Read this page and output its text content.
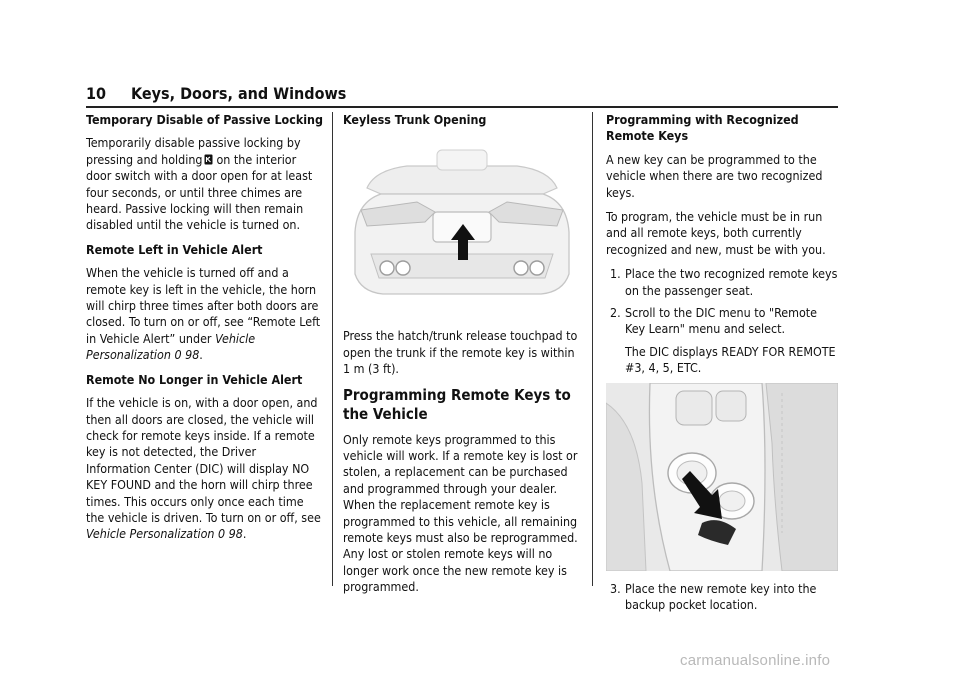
10 Keys, Doors, and Windows
Temporary Disable of Passive Locking

Temporarily disable passive locking by pressing and holding on the interior door switch with a door open for at least four seconds, or until three chimes are heard. Passive locking will then remain disabled until the vehicle is turned on.

Remote Left in Vehicle Alert

When the vehicle is turned off and a remote key is left in the vehicle, the horn will chirp three times after both doors are closed. To turn on or off, see “Remote Left in Vehicle Alert” under Vehicle Personalization 0 98.

Remote No Longer in Vehicle Alert

If the vehicle is on, with a door open, and then all doors are closed, the vehicle will check for remote keys inside. If a remote key is not detected, the Driver Information Center (DIC) will display NO KEY FOUND and the horn will chirp three times. This occurs only once each time the vehicle is driven. To turn on or off, see Vehicle Personalization 0 98.

Keyless Trunk Opening

Press the hatch/trunk release touchpad to open the trunk if the remote key is within 1 m (3 ft).

Programming Remote Keys to the Vehicle

Only remote keys programmed to this vehicle will work. If a remote key is lost or stolen, a replacement can be purchased and programmed through your dealer. When the replacement remote key is programmed to this vehicle, all remaining remote keys must also be reprogrammed. Any lost or stolen remote keys will no longer work once the new remote key is programmed.

Programming with Recognized Remote Keys

A new key can be programmed to the vehicle when there are two recognized keys.

To program, the vehicle must be in run and all remote keys, both currently recognized and new, must be with you.

1. Place the two recognized remote keys on the passenger seat.
2. Scroll to the DIC menu to "Remote Key Learn" menu and select.
The DIC displays READY FOR REMOTE #3, 4, 5, ETC.
3. Place the new remote key into the backup pocket location.
carmanualsonline.info
